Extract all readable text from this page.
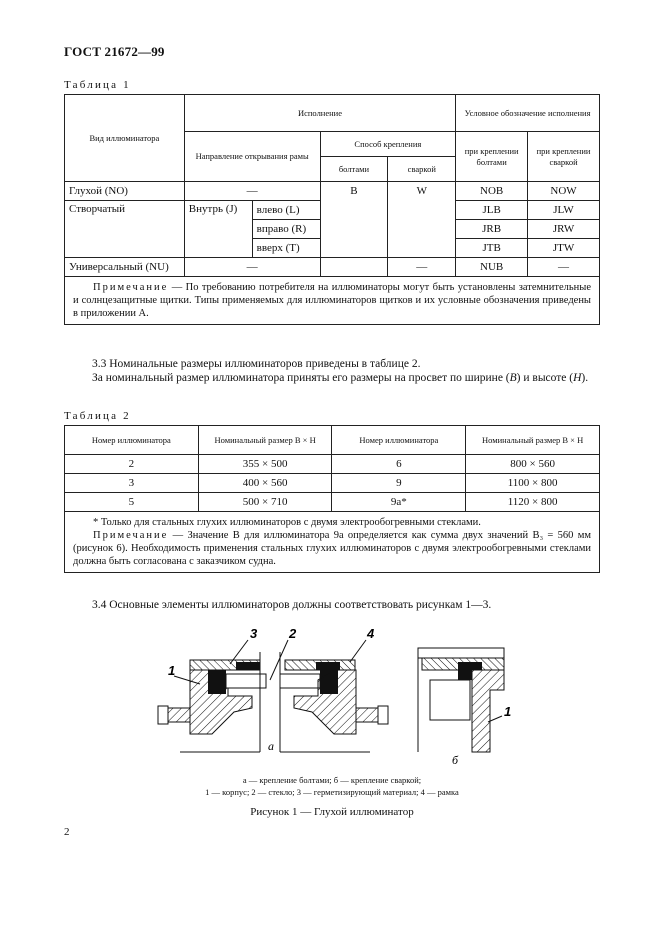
ГОСТ 21672—99
Таблица 1
Вид иллюминатора	Исполнение				Условное обозначение исполнения	
	Направление открывания рамы		Способ крепления		при креплении болтами	при креплении сваркой
			болтами	сваркой		
Глухой (NO)	—		B	W	NOB	NOW
Створчатый	Внутрь (J)	влево (L)			JLB	JLW
		вправо (R)			JRB	JRW
		вверх (T)			JTB	JTW
Универсальный (NU)	—			—	NUB	—
Примечание — По требованию потребителя на иллюминаторы могут быть установлены затемнительные и солнцезащитные щитки. Типы применяемых для иллюминаторов щитков и их условные обозначения приведены в приложении А.						
3.3 Номинальные размеры иллюминаторов приведены в таблице 2.
За номинальный размер иллюминатора приняты его размеры на просвет по ширине (B) и высоте (H).
Таблица 2
Номер иллюминатора	Номинальный размер B × H	Номер иллюминатора	Номинальный размер B × H
2	355 × 500	6	800 × 560
3	400 × 560	9	1100 × 800
5	500 × 710	9а*	1120 × 800

* Только для стальных глухих иллюминаторов с двумя электрообогревными стеклами.
Примечание — Значение B для иллюминатора 9а определяется как сумма двух значений B₃ = 560 мм (рисунок 6). Необходимость применения стальных глухих иллюминаторов с двумя электрообогревными стеклами должна быть согласована с заказчиком судна.			
3.4 Основные элементы иллюминаторов должны соответствовать рисункам 1—3.
1
3 2	4
а
1
б
а — крепление болтами; б — крепление сваркой;
1 — корпус; 2 — стекло; 3 — герметизирующий материал; 4 — рамка
Рисунок 1 — Глухой иллюминатор
2
